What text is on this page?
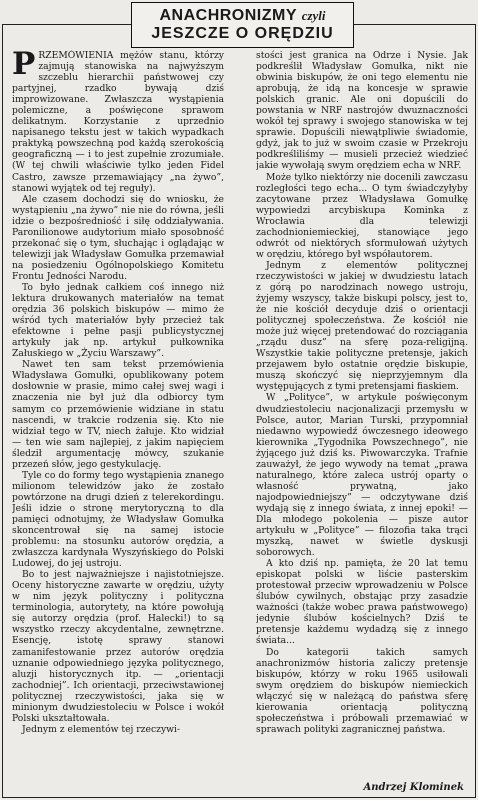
ANACHRONIZMY czyli
JESZCZE O ORĘDZIU

PRZEMÓWIENIA mężów stanu, którzy zajmują stanowiska na najwyższym szczeblu hierarchii państwowej czy partyjnej, rzadko bywają dziś improwizowane. Zwłaszcza wystąpienia polemiczne, a poświęcone sprawom delikatnym. Korzystanie z uprzednio napisanego tekstu jest w takich wypadkach praktyką powszechną pod każdą szerokością geograficzną — i to jest zupełnie zrozumiałe. (W tej chwili właściwie tylko jeden Fidel Castro, zawsze przemawiający „na żywo”, stanowi wyjątek od tej reguły).

Ale czasem dochodzi się do wniosku, że wystąpieniu „na żywo” nie nie do równa, jeśli idzie o bezpośredniość i siłę oddziaływania. Paronilionowe audytorium miało sposobność przekonać się o tym, słuchając i oglądając w telewizji jak Władysław Gomułka przemawiał na posiedzeniu Ogólnopolskiego Komitetu Frontu Jedności Narodu.

To było jednak całkiem coś innego niż lektura drukowanych materiałów na temat orędzia 36 polskich biskupów — mimo że wśród tych materiałów były przecież tak efektowne i pełne pasji publicystycznej artykuły jak np. artykuł pułkownika Załuskiego w „Życiu Warszawy”.

Nawet ten sam tekst przemówienia Władysława Gomułki, opublikowany potem dosłownie w prasie, mimo całej swej wagi i znaczenia nie był już dla odbiorcy tym samym co przemówienie widziane in statu nascendi, w trakcie rodzenia się. Kto nie widział tego w TV, niech żałuje. Kto widział — ten wie sam najlepiej, z jakim napięciem śledził argumentację mówcy, szukanie przezeń słów, jego gestykulację.

Tyle co do formy tego wystąpienia znanego milionom telewidzów jako że zostało powtórzone na drugi dzień z telerekordingu. Jeśli idzie o stronę merytoryczną to dla pamięci odnotujmy, że Władysław Gomułka skoncentrował się na samej istocie problemu: na stosunku autorów orędzia, a zwłaszcza kardynała Wyszyńskiego do Polski Ludowej, do jej ustroju.

Bo to jest najważniejsze i najistotniejsze. Oceny historyczne zawarte w orędziu, użyty w nim język polityczny i polityczna terminologia, autorytety, na które powołują się autorzy orędzia (prof. Halecki!) to są wszystko rzeczy akcydentalne, zewnętrzne. Esencję, istotę sprawy stanowi zamanifestowanie przez autorów orędzia uznanie odpowiedniego języka politycznego, aluzji historycznych itp. — „orientacji zachodniej”. Ich orientacji, przeciwstawionej politycznej rzeczywistości, jaka się w minionym dwudziestoleciu w Polsce i wokół Polski ukształtowała.

Jednym z elementów tej rzeczywi-

stości jest granica na Odrze i Nysie. Jak podkreślił Władysław Gomułka, nikt nie obwinia biskupów, że oni tego elementu nie aprobują, że idą na koncesje w sprawie polskich granic. Ale oni dopuścili do powstania w NRF nastrojów dwuznaczności wokół tej sprawy i swojego stanowiska w tej sprawie. Dopuścili niewątpliwie świadomie, gdyż, jak to już w swoim czasie w Przekroju podkreśliliśmy — musieli przecież wiedzieć jakie wywołają swym orędziem echa w NRF.

Może tylko niektórzy nie docenili zawczasu rozległości tego echa... O tym świadczyłyby zacytowane przez Władysława Gomułkę wypowiedzi arcybiskupa Kominka z Wrocławia dla telewizji zachodnioniemieckiej, stanowiące jego odwrót od niektórych sformułowań użytych w orędziu, którego był współautorem.

Jednym z elementów politycznej rzeczywistości w jakiej w dwudziestu latach z górą po narodzinach nowego ustroju, żyjemy wszyscy, także biskupi polscy, jest to, że nie kościół decyduje dziś o orientacji politycznej społeczeństwa. Że kościół nie może już więcej pretendować do rozciągania „rządu dusz” na sferę poza-religijną. Wszystkie takie polityczne pretensje, jakich przejawem było ostatnie orędzie biskupie, muszą skończyć się nieprzyjemnym dla występujących z tymi pretensjami fiaskiem.

W „Polityce”, w artykule poświęconym dwudziestoleciu nacjonalizacji przemysłu w Polsce, autor, Marian Turski, przypomniał niedawno wypowiedź ówczesnego ideowego kierownika „Tygodnika Powszechnego”, nie żyjącego już dziś ks. Piwowarczyka. Trafnie zauważył, że jego wywody na temat „prawa naturalnego, które zaleca ustrój oparty o własność prywatną, jako najodpowiedniejszy” — odczytywane dziś wydają się z innego świata, z innej epoki! — Dla młodego pokolenia — pisze autor artykułu w „Polityce” — filozofia taka trąci myszką, nawet w świetle dyskusji soborowych.

A kto dziś np. pamięta, że 20 lat temu episkopat polski w liście pasterskim protestował przeciw wprowadzeniu w Polsce ślubów cywilnych, obstając przy zasadzie ważności (także wobec prawa państwowego) jedynie ślubów kościelnych? Dziś te pretensje każdemu wydadzą się z innego świata...

Do kategorii takich samych anachronizmów historia zaliczy pretensje biskupów, którzy w roku 1965 usiłowali swym orędziem do biskupów niemieckich włączyć się w należącą do państwa sferę kierowania orientacją polityczną społeczeństwa i próbowali przemawiać w sprawach polityki zagranicznej państwa.

Andrzej Klominek
